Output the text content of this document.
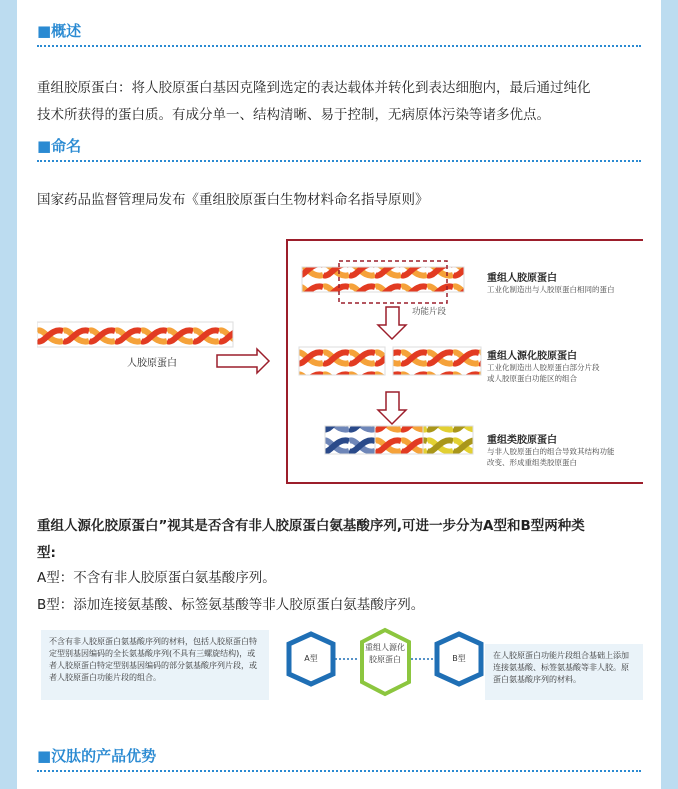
■概述
重组胶原蛋白：将人胶原蛋白基因克隆到选定的表达载体并转化到表达细胞内，最后通过纯化
技术所获得的蛋白质。有成分单一、结构清晰、易于控制，无病原体污染等诸多优点。
■命名
国家药品监督管理局发布《重组胶原蛋白生物材料命名指导原则》
人胶原蛋白
功能片段
重组人胶原蛋白
工业化制造出与人胶原蛋白相同的蛋白
重组人源化胶原蛋白
工业化制造出人胶原蛋白部分片段
或人胶原蛋白功能区的组合
重组类胶原蛋白
与非人胶原蛋白的组合导致其结构功能
改变、形成重组类胶原蛋白
重组人源化胶原蛋白”视其是否含有非人胶原蛋白氨基酸序列,可进一步分为A型和B型两种类
型:
A型：不含有非人胶原蛋白氨基酸序列。
B型：添加连接氨基酸、标签氨基酸等非人胶原蛋白氨基酸序列。
不含有非人胶原蛋白氨基酸序列的材料，包括人胶原蛋白特定型别基因编码的全长氨基酸序列(不具有三螺旋结构)，或者人胶原蛋白特定型别基因编码的部分氨基酸序列片段，或者人胶原蛋白功能片段的组合。
A型
重组人源化胶原蛋白	B型	在人胶原蛋白功能片段组合基础上添加连接氨基酸、标签氨基酸等非人胶。原蛋白氨基酸序列的材料。
■汉肽的产品优势
